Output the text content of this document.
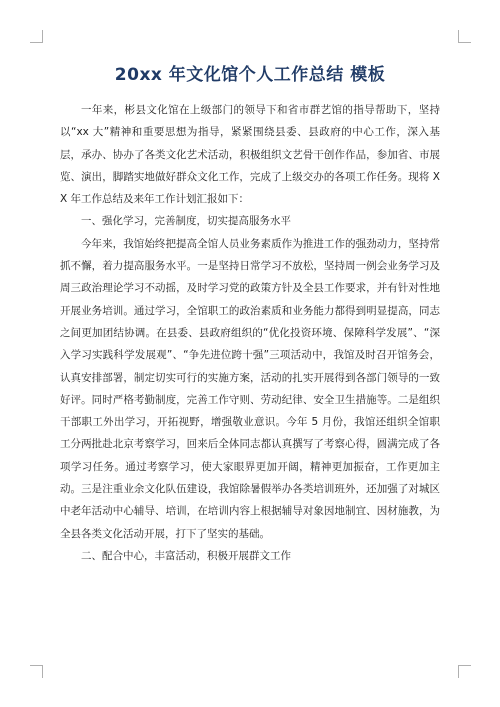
20xx 年文化馆个人工作总结 模板

一年来，彬县文化馆在上级部门的领导下和省市群艺馆的指导帮助下，坚持以“xx 大”精神和重要思想为指导，紧紧围绕县委、县政府的中心工作，深入基层，承办、协办了各类文化艺术活动，积极组织文艺骨干创作作品，参加省、市展览、演出，脚踏实地做好群众文化工作，完成了上级交办的各项工作任务。现将 XX 年工作总结及来年工作计划汇报如下：

一、强化学习，完善制度，切实提高服务水平

今年来，我馆始终把提高全馆人员业务素质作为推进工作的强劲动力，坚持常抓不懈，着力提高服务水平。一是坚持日常学习不放松，坚持周一例会业务学习及周三政治理论学习不动摇，及时学习党的政策方针及全县工作要求，并有针对性地开展业务培训。通过学习，全馆职工的政治素质和业务能力都得到明显提高，同志之间更加团结协调。在县委、县政府组织的“优化投资环境、保障科学发展”、“深入学习实践科学发展观”、“争先进位跨十强”三项活动中，我馆及时召开馆务会，认真安排部署，制定切实可行的实施方案，活动的扎实开展得到各部门领导的一致好评。同时严格考勤制度，完善工作守则、劳动纪律、安全卫生措施等。二是组织干部职工外出学习，开拓视野，增强敬业意识。今年 5 月份，我馆还组织全馆职工分两批赴北京考察学习，回来后全体同志都认真撰写了考察心得，圆满完成了各项学习任务。通过考察学习，使大家眼界更加开阔，精神更加振奋，工作更加主动。三是注重业余文化队伍建设，我馆除暑假举办各类培训班外，还加强了对城区中老年活动中心辅导、培训，在培训内容上根据辅导对象因地制宜、因材施教，为全县各类文化活动开展，打下了坚实的基础。

二、配合中心，丰富活动，积极开展群文工作
